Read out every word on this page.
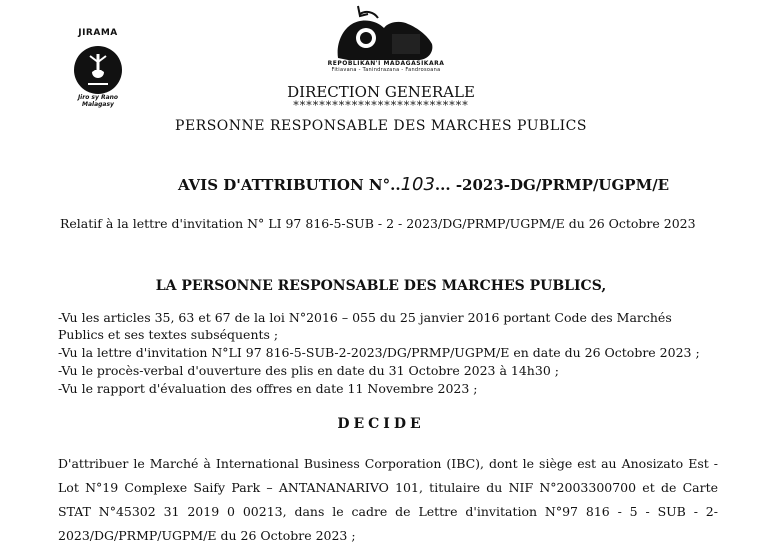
JIRAMA
Jiro sy Rano Malagasy
REPOBLIKAN'I MADAGASIKARA
Fitiavana - Tanindrazana - Fandrosoana
DIRECTION GENERALE
***************************
PERSONNE RESPONSABLE DES MARCHES PUBLICS
AVIS D'ATTRIBUTION N°..103... -2023-DG/PRMP/UGPM/E
Relatif à la lettre d'invitation N° LI 97 816-5-SUB - 2 - 2023/DG/PRMP/UGPM/E du 26 Octobre 2023
LA PERSONNE RESPONSABLE DES MARCHES PUBLICS,
-Vu les articles 35, 63 et 67 de la loi N°2016 – 055 du 25 janvier 2016 portant Code des Marchés Publics et ses textes subséquents ;
-Vu la lettre d'invitation N°LI 97 816-5-SUB-2-2023/DG/PRMP/UGPM/E en date du 26 Octobre 2023 ;
-Vu le procès-verbal d'ouverture des plis en date du 31 Octobre 2023 à 14h30 ;
-Vu le rapport d'évaluation des offres en date 11 Novembre 2023 ;
DECIDE
D'attribuer le Marché à International Business Corporation (IBC), dont le siège est au Anosizato Est - Lot N°19 Complexe Saify Park – ANTANANARIVO 101, titulaire du NIF N°2003300700 et de Carte STAT N°45302 31 2019 0 00213, dans le cadre de Lettre d'invitation N°97 816 - 5 - SUB - 2-2023/DG/PRMP/UGPM/E du 26 Octobre 2023 ;
